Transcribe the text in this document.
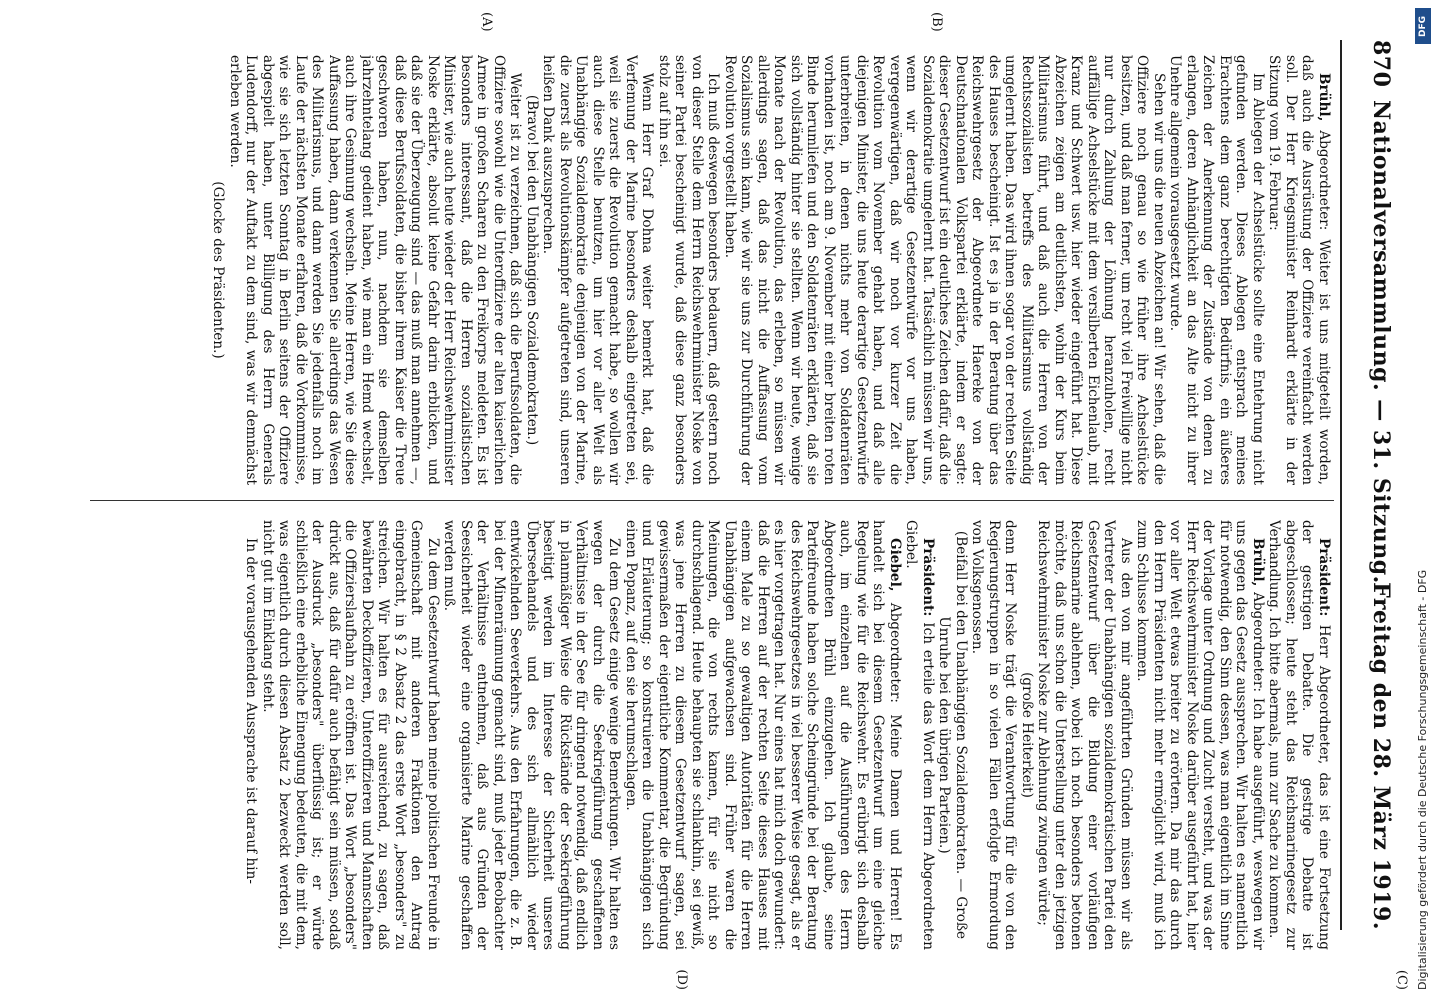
870
Nationalversammlung. — 31. Sitzung.
Freitag den 28. März 1919.
(A)	(B)
(C)
(D)

Brühl, Abgeordneter: Weiter ist uns mitgeteilt worden, daß auch die Ausrüstung der Offiziere vereinfacht werden soll. Der Herr Kriegsminister Reinhardt erklärte in der Sitzung vom 19. Februar:

Im Ablegen der Achselstücke sollte eine Entehrung nicht gefunden werden. Dieses Ablegen entsprach meines Erachtens dem ganz berechtigten Bedürfnis, ein äußeres Zeichen der Anerkennung der Zustände von denen zu erlangen, deren Anhänglichkeit an das Alte nicht zu ihrer Unehre allgemein vorausgesetzt wurde.

Sehen wir uns die neuen Abzeichen an! Wir sehen, daß die Offiziere noch genau so wie früher ihre Achselstücke besitzen, und daß man ferner, um recht viel Freiwillige nicht nur durch Zahlung der Löhnung heranzuholen, recht auffällige Achselstücke mit dem versilberten Eichenlaub, mit Kranz und Schwert usw. hier wieder eingeführt hat. Diese Abzeichen zeigen am deutlichsten, wohin der Kurs beim Militarismus führt, und daß auch die Herren von der Rechtssozialisten betreffs des Militarismus vollständig umgelernt haben. Das wird ihnen sogar von der rechten Seite des Hauses bescheinigt. Ist es ja in der Beratung über das Reichswehrgesetz der Abgeordnete Haereke von der Deutschnationalen Volkspartei erklärte, indem er sagte: dieser Gesetzentwurf ist ein deutliches Zeichen dafür, daß die Sozialdemokratie umgelernt hat. Tatsächlich müssen wir uns, wenn wir derartige Gesetzentwürfe vor uns haben, vergegenwärtigen, daß wir noch vor kurzer Zeit die Revolution vom November gehabt haben, und daß alle diejenigen Minister, die uns heute derartige Gesetzentwürfe unterbreiten, in denen nichts mehr von Soldatenräten vorhanden ist, noch am 9. November mit einer breiten roten Binde herumliefen und den Soldatenräten erklärten, daß sie sich vollständig hinter sie stellten. Wenn wir heute, wenige Monate nach der Revolution, das erleben, so müssen wir allerdings sagen, daß das nicht die Auffassung vom Sozialismus sein kann, wie wir sie uns zur Durchführung der Revolution vorgestellt haben.

Ich muß deswegen besonders bedauern, daß gestern noch von dieser Stelle dem Herrn Reichswehrminister Noske von seiner Partei bescheinigt wurde, daß diese ganz besonders stolz auf ihn sei.

Wenn Herr Graf Dohna weiter bemerkt hat, daß die Verfemung der Marine besonders deshalb eingetreten sei, weil sie zuerst die Revolution gemacht habe, so wollen wir auch diese Stelle benutzen, um hier vor aller Welt als Unabhängige Sozialdemokratie denjenigen von der Marine, die zuerst als Revolutionskämpfer aufgetreten sind, unseren heißen Dank auszusprechen.

(Bravo! bei den Unabhängigen Sozialdemokraten.)

Weiter ist zu verzeichnen, daß sich die Berufssoldaten, die Offiziere sowohl wie die Unteroffiziere der alten kaiserlichen Armee in großen Scharen zu den Freikorps meldeten. Es ist besonders interessant, daß die Herren sozialistischen Minister, wie auch heute wieder der Herr Reichswehrminister Noske erklärte, absolut keine Gefahr darin erblicken, und daß sie der Überzeugung sind — das muß man annehmen —, daß diese Berufssoldaten, die bisher ihrem Kaiser die Treue geschworen haben, nun, nachdem sie demselben jahrzehntelang gedient haben, wie man ein Hemd wechselt, auch ihre Gesinnung wechseln. Meine Herren, wie Sie diese Auffassung haben, dann verkennen Sie allerdings das Wesen des Militarismus, und dann werden Sie jedenfalls noch im Laufe der nächsten Monate erfahren, daß die Vorkommnisse, wie sie sich letzten Sonntag in Berlin seitens der Offiziere abgespielt haben, unter Billigung des Herrn Generals Ludendorff, nur der Auftakt zu dem sind, was wir demnächst erleben werden.

(Glocke des Präsidenten.)

Präsident: Herr Abgeordneter, das ist eine Fortsetzung der gestrigen Debatte. Die gestrige Debatte ist abgeschlossen; heute steht das Reichsmarinegesetz zur Verhandlung. Ich bitte abermals, nun zur Sache zu kommen.

Brühl, Abgeordneter: Ich habe ausgeführt, weswegen wir uns gegen das Gesetz aussprechen. Wir halten es namentlich für notwendig, den Sinn dessen, was man eigentlich im Sinne der Vorlage unter Ordnung und Zucht versteht, und was der Herr Reichswehrminister Noske darüber ausgeführt hat, hier vor aller Welt etwas breiter zu erörtern. Da mir das durch den Herrn Präsidenten nicht mehr ermöglicht wird, muß ich zum Schlusse kommen.

Aus den von mir angeführten Gründen müssen wir als Vertreter der Unabhängigen sozialdemokratischen Partei den Gesetzentwurf über die Bildung einer vorläufigen Reichsmarine ablehnen, wobei ich noch besonders betonen möchte, daß uns schon die Unterstellung unter den jetzigen Reichswehrminister Noske zur Ablehnung zwingen würde;

(große Heiterkeit)

denn Herr Noske trägt die Verantwortung für die von den Regierungstruppen in so vielen Fällen erfolgte Ermordung von Volksgenossen.

(Beifall bei den Unabhängigen Sozialdemokraten. — Große Unruhe bei den übrigen Parteien.)

Präsident: Ich erteile das Wort dem Herrn Abgeordneten Giebel.

Giebel, Abgeordneter: Meine Damen und Herren! Es handelt sich bei diesem Gesetzentwurf um eine gleiche Regelung wie für die Reichswehr. Es erübrigt sich deshalb auch, im einzelnen auf die Ausführungen des Herrn Abgeordneten Brühl einzugehen. Ich glaube, seine Parteifreunde haben solche Scheingründe bei der Beratung des Reichswehrgesetzes in viel besserer Weise gesagt, als er es hier vorgetragen hat. Nur eines hat mich doch gewundert: daß die Herren auf der rechten Seite dieses Hauses mit einem Male zu so gewaltigen Autoritäten für die Herren Unabhängigen aufgewachsen sind. Früher waren die Meinungen, die von rechts kamen, für sie nicht so durchschlagend. Heute behaupten sie schlankhin, sei gewiß, was jene Herren zu diesem Gesetzentwurf sagen, sei gewissermaßen der eigentliche Kommentar, die Begründung und Erläuterung; so konstruieren die Unabhängigen sich einen Popanz, auf den sie herumschlagen.

Zu dem Gesetz einige wenige Bemerkungen. Wir halten es wegen der durch die Seekriegführung geschaffenen Verhältnisse in der See für dringend notwendig, daß endlich in planmäßiger Weise die Rückstände der Seekriegführung beseitigt werden im Interesse der Sicherheit unseres Überseehandels und des sich allmählich wieder entwickelnden Seeverkehrs. Aus den Erfahrungen, die z. B. bei der Minenräumung gemacht sind, muß jeder Beobachter der Verhältnisse entnehmen, daß aus Gründen der Seesicherheit wieder eine organisierte Marine geschaffen werden muß.

Zu dem Gesetzentwurf haben meine politischen Freunde in Gemeinschaft mit anderen Fraktionen den Antrag eingebracht, in § 2 Absatz 2 das erste Wort „besonders" zu streichen. Wir halten es für ausreichend, zu sagen, daß bewährten Deckoffizieren, Unteroffizieren und Mannschaften die Offizierslaufbahn zu eröffnen ist. Das Wort „besonders" drückt aus, daß für dafür auch befähigt sein müssen, sodaß der Ausdruck „besonders" überflüssig ist; er würde schließlich eine erhebliche Einengung bedeuten, die mit dem, was eigentlich durch diesen Absatz 2 bezweckt werden soll, nicht gut im Einklang steht.

In der vorausgehenden Aussprache ist darauf hin-

DFG
Digitalisierung gefördert durch die Deutsche Forschungsgemeinschaft - DFG
